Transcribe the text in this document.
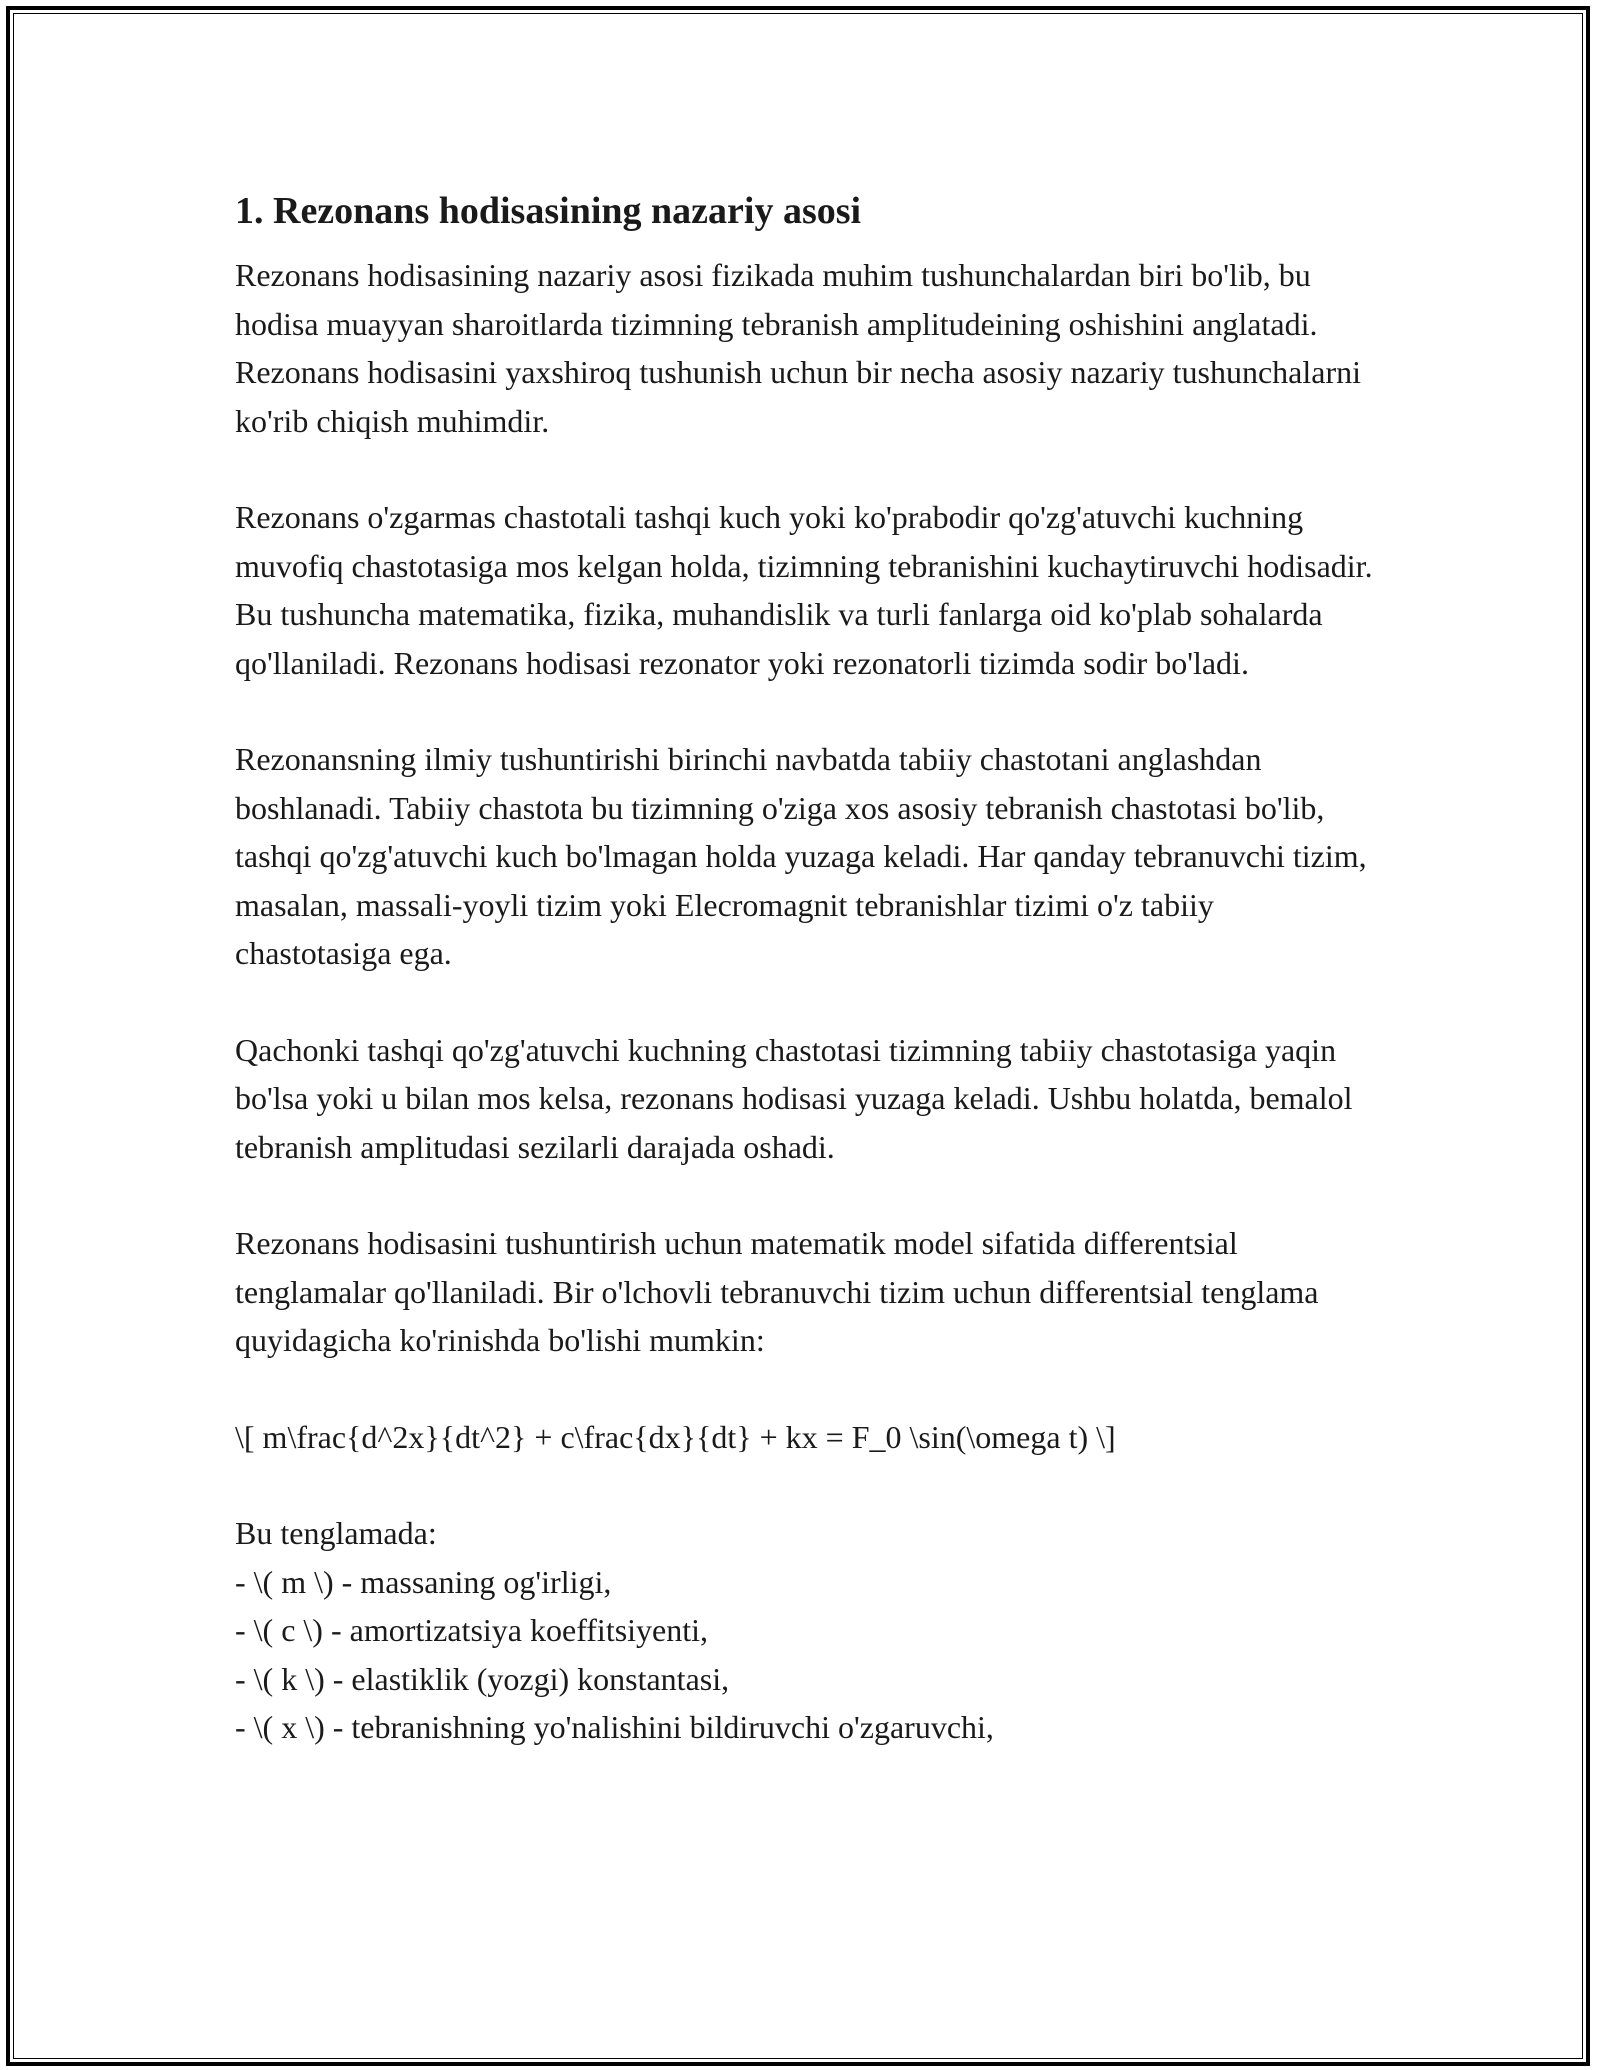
1. Rezonans hodisasining nazariy asosi

Rezonans hodisasining nazariy asosi fizikada muhim tushunchalardan biri bo'lib, bu hodisa muayyan sharoitlarda tizimning tebranish amplitudeining oshishini anglatadi. Rezonans hodisasini yaxshiroq tushunish uchun bir necha asosiy nazariy tushunchalarni ko'rib chiqish muhimdir.

Rezonans o'zgarmas chastotali tashqi kuch yoki ko'prabodir qo'zg'atuvchi kuchning muvofiq chastotasiga mos kelgan holda, tizimning tebranishini kuchaytiruvchi hodisadir. Bu tushuncha matematika, fizika, muhandislik va turli fanlarga oid ko'plab sohalarda qo'llaniladi. Rezonans hodisasi rezonator yoki rezonatorli tizimda sodir bo'ladi.

Rezonansning ilmiy tushuntirishi birinchi navbatda tabiiy chastotani anglashdan boshlanadi. Tabiiy chastota bu tizimning o'ziga xos asosiy tebranish chastotasi bo'lib, tashqi qo'zg'atuvchi kuch bo'lmagan holda yuzaga keladi. Har qanday tebranuvchi tizim, masalan, massali-yoyli tizim yoki Elecromagnit tebranishlar tizimi o'z tabiiy chastotasiga ega.

Qachonki tashqi qo'zg'atuvchi kuchning chastotasi tizimning tabiiy chastotasiga yaqin bo'lsa yoki u bilan mos kelsa, rezonans hodisasi yuzaga keladi. Ushbu holatda, bemalol tebranish amplitudasi sezilarli darajada oshadi.

Rezonans hodisasini tushuntirish uchun matematik model sifatida differentsial tenglamalar qo'llaniladi. Bir o'lchovli tebranuvchi tizim uchun differentsial tenglama quyidagicha ko'rinishda bo'lishi mumkin:

\[ m\frac{d^2x}{dt^2} + c\frac{dx}{dt} + kx = F_0 \sin(\omega t) \]

Bu tenglamada:

- \( m \) - massaning og'irligi,
- \( c \) - amortizatsiya koeffitsiyenti,
- \( k \) - elastiklik (yozgi) konstantasi,
- \( x \) - tebranishning yo'nalishini bildiruvchi o'zgaruvchi,
